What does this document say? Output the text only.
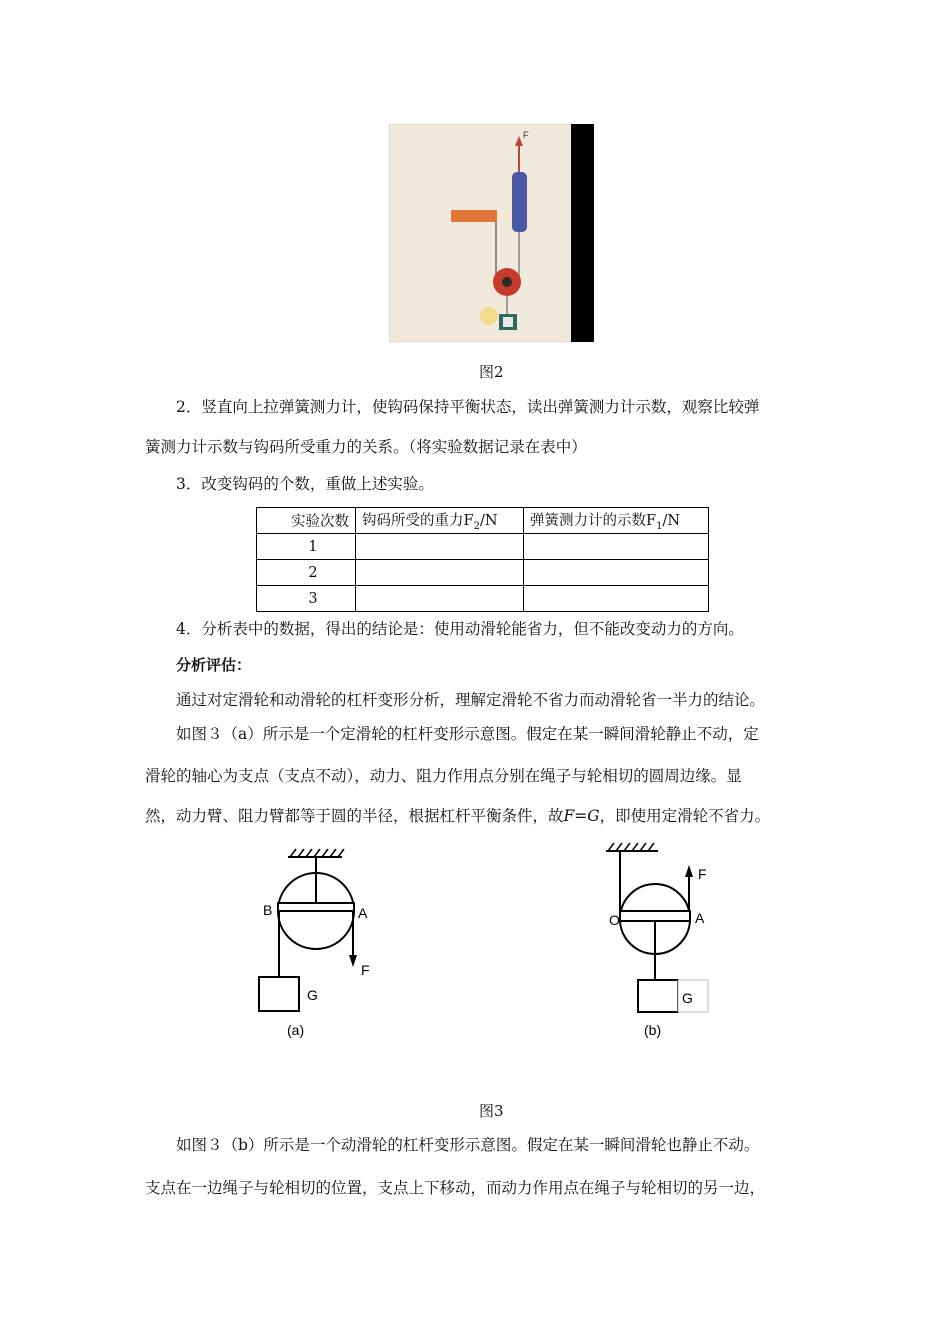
F
图2
2．竖直向上拉弹簧测力计，使钩码保持平衡状态，读出弹簧测力计示数，观察比较弹
簧测力计示数与钩码所受重力的关系。（将实验数据记录在表中）
3．改变钩码的个数，重做上述实验。
实验次数	钩码所受的重力$F_2/N$	弹簧测力计的示数$F_1/N$
1		
2		
3		
4．分析表中的数据，得出的结论是：使用动滑轮能省力，但不能改变动力的方向。
分析评估：
通过对定滑轮和动滑轮的杠杆变形分析，理解定滑轮不省力而动滑轮省一半力的结论。
如图３（a）所示是一个定滑轮的杠杆变形示意图。假定在某一瞬间滑轮静止不动，定
滑轮的轴心为支点（支点不动），动力、阻力作用点分别在绳子与轮相切的圆周边缘。显
然，动力臂、阻力臂都等于圆的半径，根据杠杆平衡条件，故F=G，即使用定滑轮不省力。
B	A
F
G
(a)
O	A
F
G
(b)
图3
如图３（b）所示是一个动滑轮的杠杆变形示意图。假定在某一瞬间滑轮也静止不动。
支点在一边绳子与轮相切的位置，支点上下移动，而动力作用点在绳子与轮相切的另一边，
